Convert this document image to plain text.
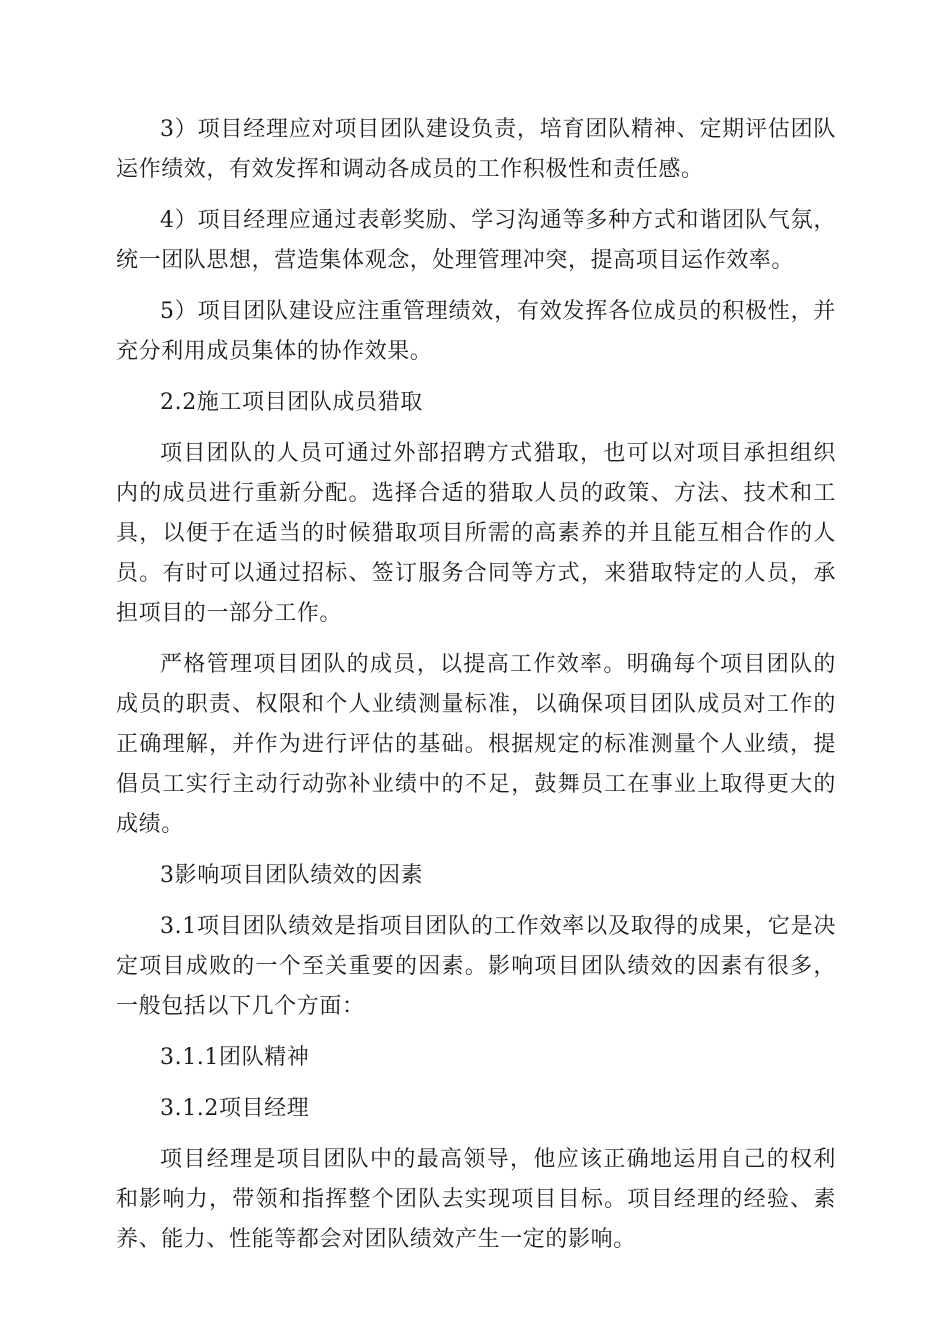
3）项目经理应对项目团队建设负责，培育团队精神、定期评估团队运作绩效，有效发挥和调动各成员的工作积极性和责任感。

4）项目经理应通过表彰奖励、学习沟通等多种方式和谐团队气氛，统一团队思想，营造集体观念，处理管理冲突，提高项目运作效率。

5）项目团队建设应注重管理绩效，有效发挥各位成员的积极性，并充分利用成员集体的协作效果。

2.2施工项目团队成员猎取

项目团队的人员可通过外部招聘方式猎取，也可以对项目承担组织内的成员进行重新分配。选择合适的猎取人员的政策、方法、技术和工具，以便于在适当的时候猎取项目所需的高素养的并且能互相合作的人员。有时可以通过招标、签订服务合同等方式，来猎取特定的人员，承担项目的一部分工作。

严格管理项目团队的成员，以提高工作效率。明确每个项目团队的成员的职责、权限和个人业绩测量标准，以确保项目团队成员对工作的正确理解，并作为进行评估的基础。根据规定的标准测量个人业绩，提倡员工实行主动行动弥补业绩中的不足，鼓舞员工在事业上取得更大的成绩。

3影响项目团队绩效的因素

3.1项目团队绩效是指项目团队的工作效率以及取得的成果，它是决定项目成败的一个至关重要的因素。影响项目团队绩效的因素有很多，一般包括以下几个方面：

3.1.1团队精神

3.1.2项目经理

项目经理是项目团队中的最高领导，他应该正确地运用自己的权利和影响力，带领和指挥整个团队去实现项目目标。项目经理的经验、素养、能力、性能等都会对团队绩效产生一定的影响。
